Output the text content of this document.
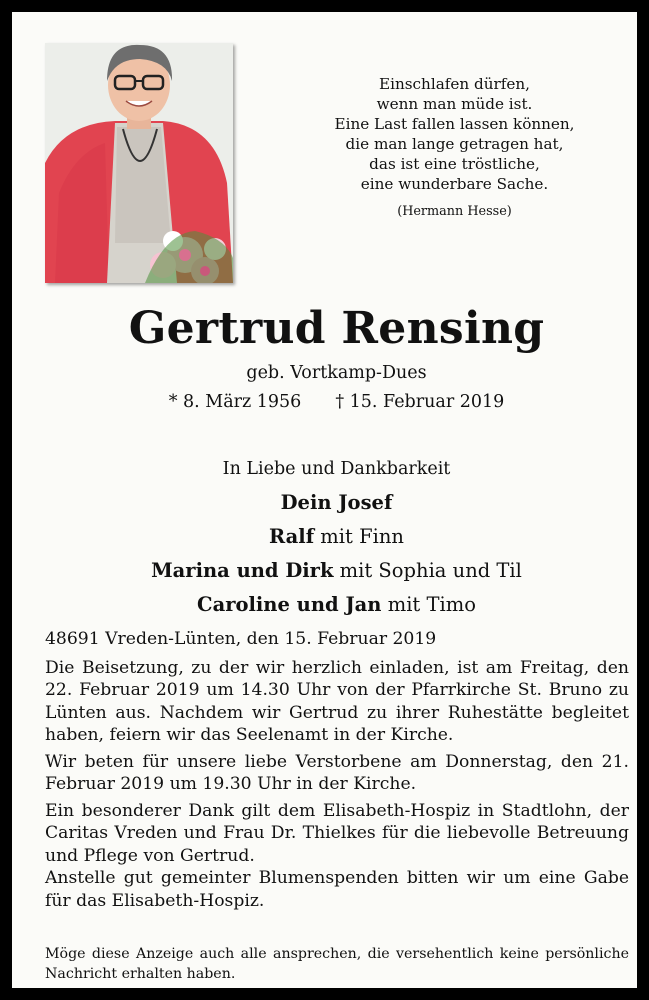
Einschlafen dürfen,
wenn man müde ist.
Eine Last fallen lassen können,
die man lange getragen hat,
das ist eine tröstliche,
eine wunderbare Sache.
(Hermann Hesse)
Gertrud Rensing
geb. Vortkamp-Dues
* 8. März 1956 † 15. Februar 2019
In Liebe und Dankbarkeit
Dein Josef
Ralf mit Finn
Marina und Dirk mit Sophia und Til
Caroline und Jan mit Timo

48691 Vreden-Lünten, den 15. Februar 2019

Die Beisetzung, zu der wir herzlich einladen, ist am Freitag, den 22. Februar 2019 um 14.30 Uhr von der Pfarrkirche St. Bruno zu Lünten aus. Nachdem wir Gertrud zu ihrer Ruhestätte begleitet haben, feiern wir das Seelenamt in der Kirche.

Wir beten für unsere liebe Verstorbene am Donnerstag, den 21. Februar 2019 um 19.30 Uhr in der Kirche.

Ein besonderer Dank gilt dem Elisabeth-Hospiz in Stadtlohn, der Caritas Vreden und Frau Dr. Thielkes für die liebevolle Betreuung und Pflege von Gertrud.

Anstelle gut gemeinter Blumenspenden bitten wir um eine Gabe für das Elisabeth-Hospiz.

Möge diese Anzeige auch alle ansprechen, die versehentlich keine persönliche Nachricht erhalten haben.
